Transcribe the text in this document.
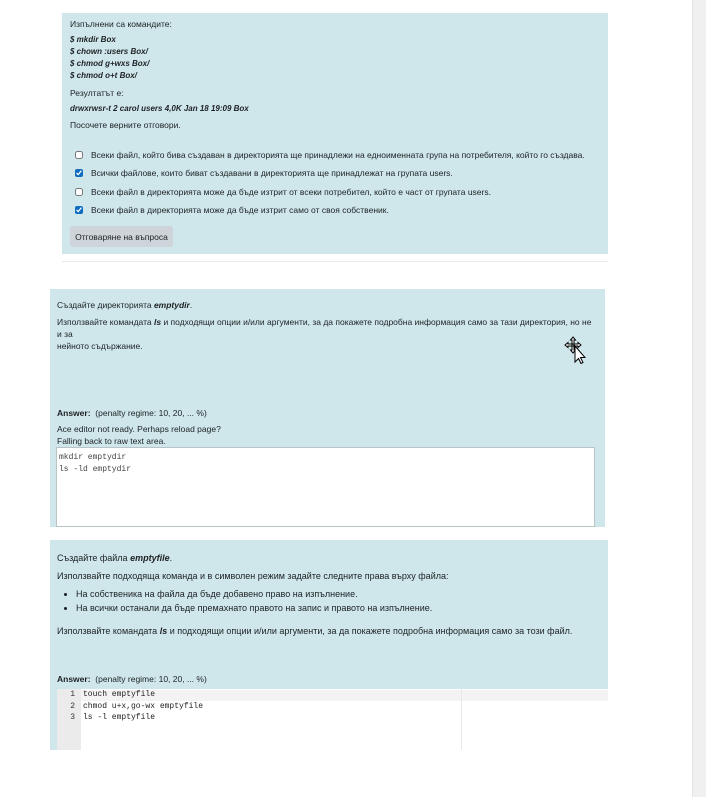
Изпълнени са командите:
$ mkdir Box
$ chown :users Box/
$ chmod g+wxs Box/
$ chmod o+t Box/
Резултатът е:
drwxrwsr-t 2 carol users 4,0K Jan 18 19:09 Box
Посочете верните отговори.
Всеки файл, който бива създаван в директорията ще принадлежи на едноименната група на потребителя, който го създава.
Всички файлове, които биват създавани в директорията ще принадлежат на групата users.
Всеки файл в директорията може да бъде изтрит от всеки потребител, който е част от групата users.
Всеки файл в директорията може да бъде изтрит само от своя собственик.
Отговаряне на въпроса
Създайте директорията emptydir.
Използвайте командата ls и подходящи опции и/или аргументи, за да покажете подробна информация само за тази директория, но не и за
нейното съдържание.
Answer: (penalty regime: 10, 20, ... %)
Ace editor not ready. Perhaps reload page?
Falling back to raw text area.
mkdir emptydir
ls -ld emptydir
Създайте файла emptyfile.
Използвайте подходяща команда и в символен режим задайте следните права върху файла:
• На собственика на файла да бъде добавено право на изпълнение.
• На всички останали да бъде премахнато правото на запис и правото на изпълнение.
Използвайте командата ls и подходящи опции и/или аргументи, за да покажете подробна информация само за този файл.
Answer: (penalty regime: 10, 20, ... %)
1
2
3
touch emptyfile
chmod u+x,go-wx emptyfile
ls -l emptyfile
